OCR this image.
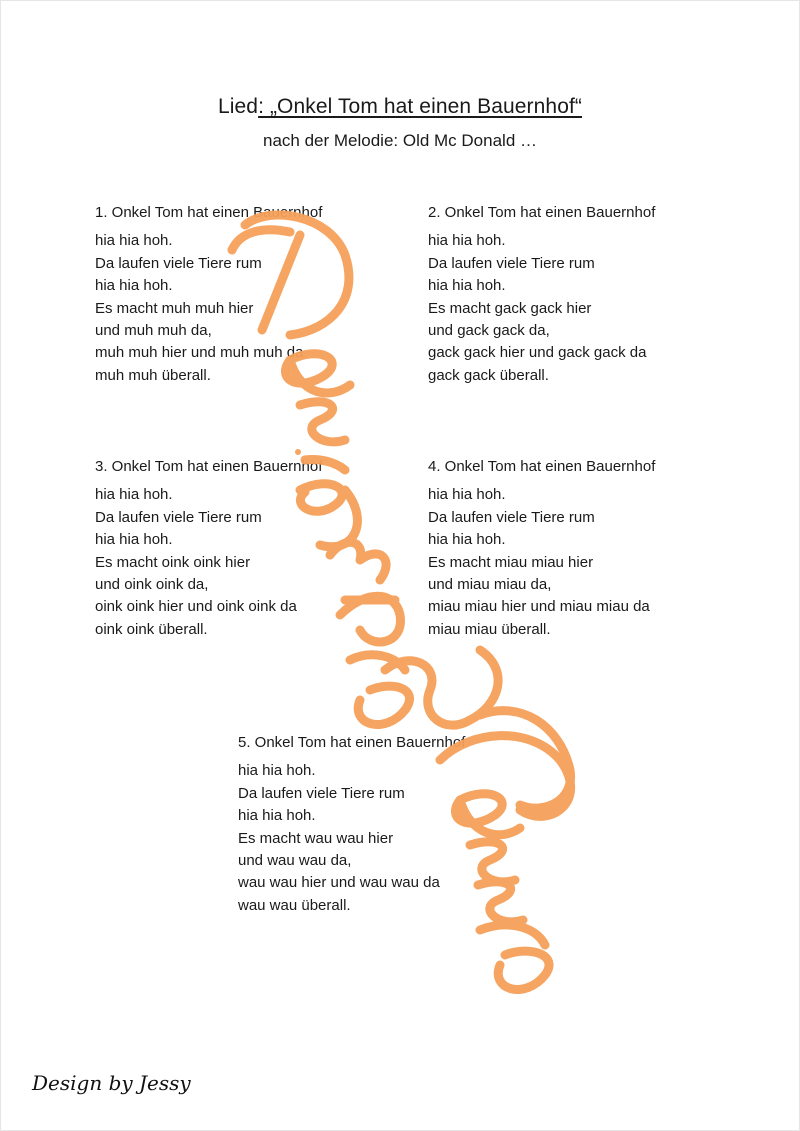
Lied: „Onkel Tom hat einen Bauernhof“
nach der Melodie: Old Mc Donald …
1. Onkel Tom hat einen Bauernhof
hia hia hoh.
Da laufen viele Tiere rum
hia hia hoh.
Es macht muh muh hier
und muh muh da,
muh muh hier und muh muh da
muh muh überall.
2. Onkel Tom hat einen Bauernhof
hia hia hoh.
Da laufen viele Tiere rum
hia hia hoh.
Es macht gack gack hier
und gack gack da,
gack gack hier und gack gack da
gack gack überall.
3. Onkel Tom hat einen Bauernhof
hia hia hoh.
Da laufen viele Tiere rum
hia hia hoh.
Es macht oink oink hier
und oink oink da,
oink oink hier und oink oink da
oink oink überall.
4. Onkel Tom hat einen Bauernhof
hia hia hoh.
Da laufen viele Tiere rum
hia hia hoh.
Es macht miau miau hier
und miau miau da,
miau miau hier und miau miau da
miau miau überall.
5. Onkel Tom hat einen Bauernhof
hia hia hoh.
Da laufen viele Tiere rum
hia hia hoh.
Es macht wau wau hier
und wau wau da,
wau wau hier und wau wau da
wau wau überall.
Design by Jessy
